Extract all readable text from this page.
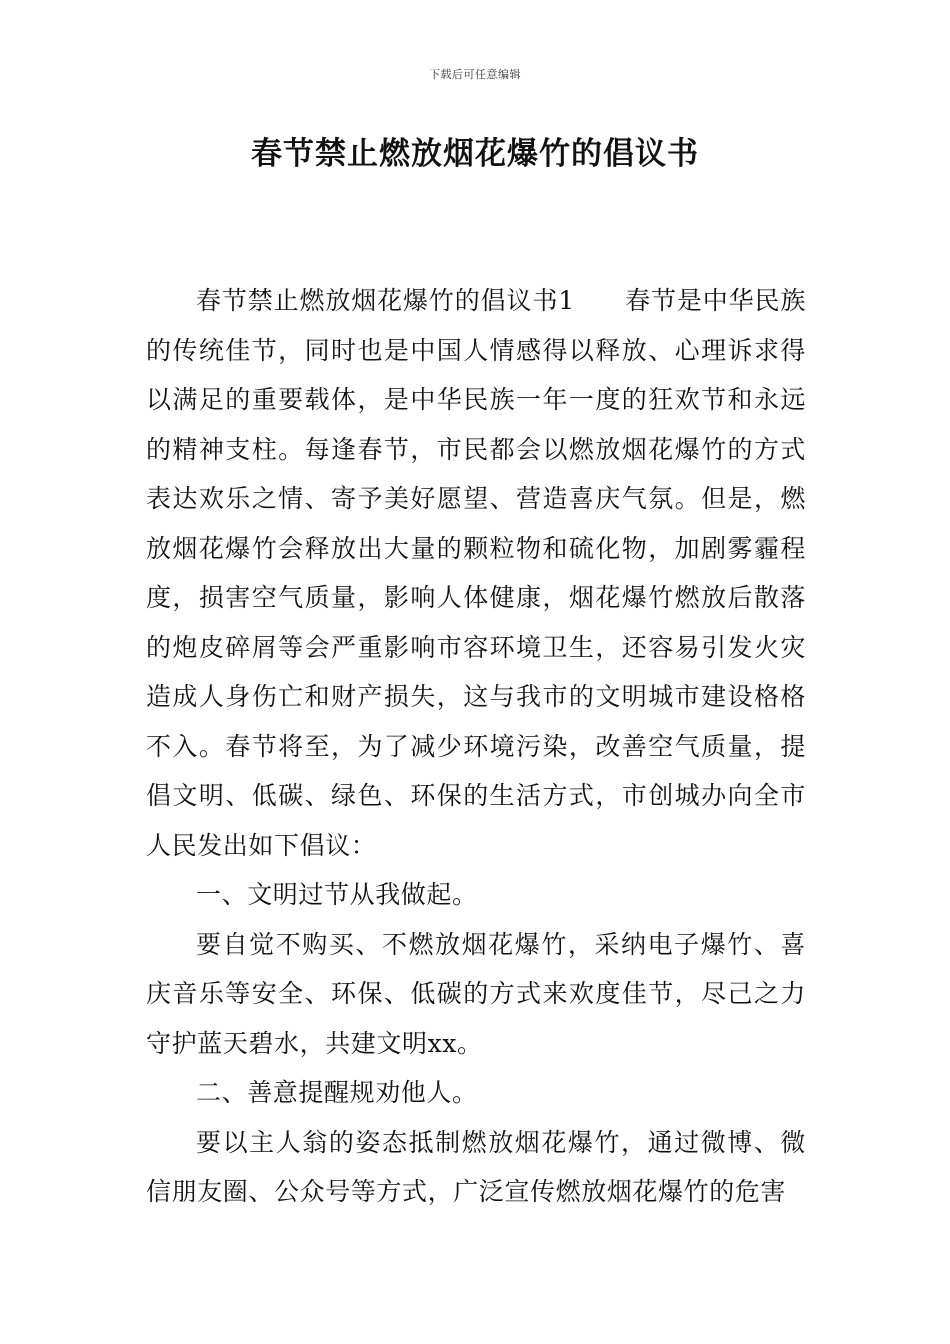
下载后可任意编辑
春节禁止燃放烟花爆竹的倡议书

春节禁止燃放烟花爆竹的倡议书1 春节是中华民族的传统佳节，同时也是中国人情感得以释放、心理诉求得以满足的重要载体，是中华民族一年一度的狂欢节和永远的精神支柱。每逢春节，市民都会以燃放烟花爆竹的方式表达欢乐之情、寄予美好愿望、营造喜庆气氛。但是，燃放烟花爆竹会释放出大量的颗粒物和硫化物，加剧雾霾程度，损害空气质量，影响人体健康，烟花爆竹燃放后散落的炮皮碎屑等会严重影响市容环境卫生，还容易引发火灾造成人身伤亡和财产损失，这与我市的文明城市建设格格不入。春节将至，为了减少环境污染，改善空气质量，提倡文明、低碳、绿色、环保的生活方式，市创城办向全市人民发出如下倡议：

一、文明过节从我做起。

要自觉不购买、不燃放烟花爆竹，采纳电子爆竹、喜庆音乐等安全、环保、低碳的方式来欢度佳节，尽己之力守护蓝天碧水，共建文明xx。

二、善意提醒规劝他人。

要以主人翁的姿态抵制燃放烟花爆竹，通过微博、微信朋友圈、公众号等方式，广泛宣传燃放烟花爆竹的危害
